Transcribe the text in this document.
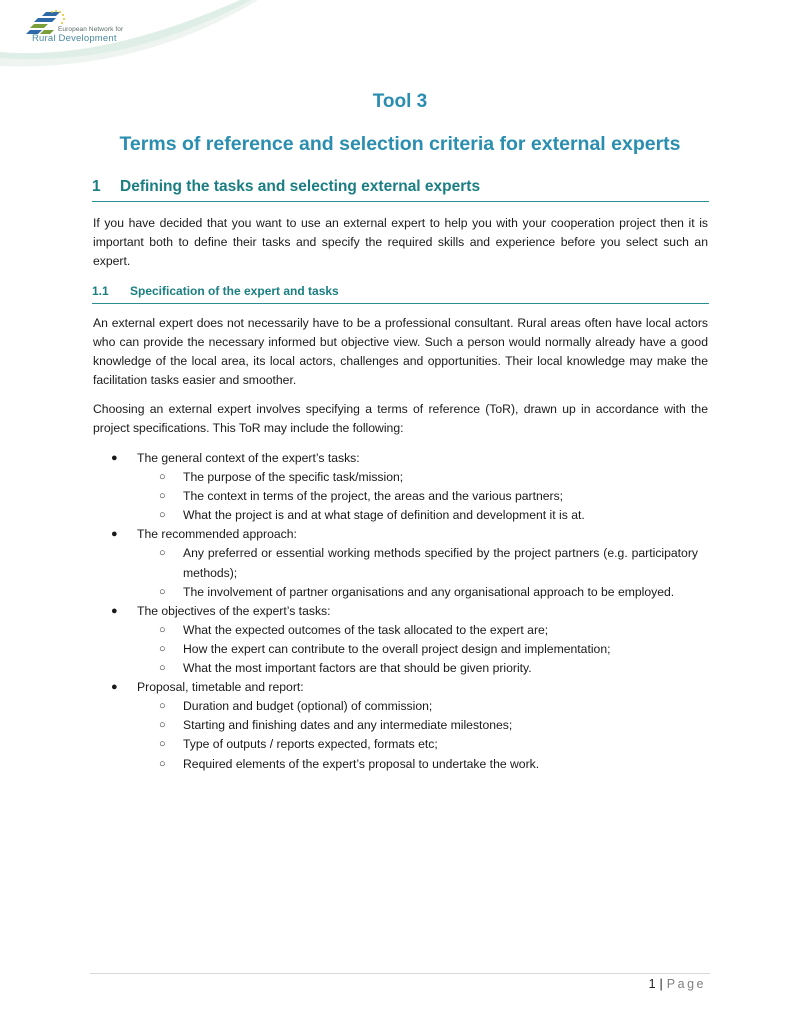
European Network for
Rural Development
Tool 3
Terms of reference and selection criteria for external experts
1 Defining the tasks and selecting external experts

If you have decided that you want to use an external expert to help you with your cooperation project then it is important both to define their tasks and specify the required skills and experience before you select such an expert.

1.1 Specification of the expert and tasks

An external expert does not necessarily have to be a professional consultant. Rural areas often have local actors who can provide the necessary informed but objective view. Such a person would normally already have a good knowledge of the local area, its local actors, challenges and opportunities. Their local knowledge may make the facilitation tasks easier and smoother.

Choosing an external expert involves specifying a terms of reference (ToR), drawn up in accordance with the project specifications. This ToR may include the following:

● The general context of the expert’s tasks:
○ The purpose of the specific task/mission;
○ The context in terms of the project, the areas and the various partners;
○ What the project is and at what stage of definition and development it is at.
● The recommended approach:
○ Any preferred or essential working methods specified by the project partners (e.g. participatory methods);
○ The involvement of partner organisations and any organisational approach to be employed.
● The objectives of the expert’s tasks:
○ What the expected outcomes of the task allocated to the expert are;
○ How the expert can contribute to the overall project design and implementation;
○ What the most important factors are that should be given priority.
● Proposal, timetable and report:
○ Duration and budget (optional) of commission;
○ Starting and finishing dates and any intermediate milestones;
○ Type of outputs / reports expected, formats etc;
○ Required elements of the expert’s proposal to undertake the work.
1 | Page
